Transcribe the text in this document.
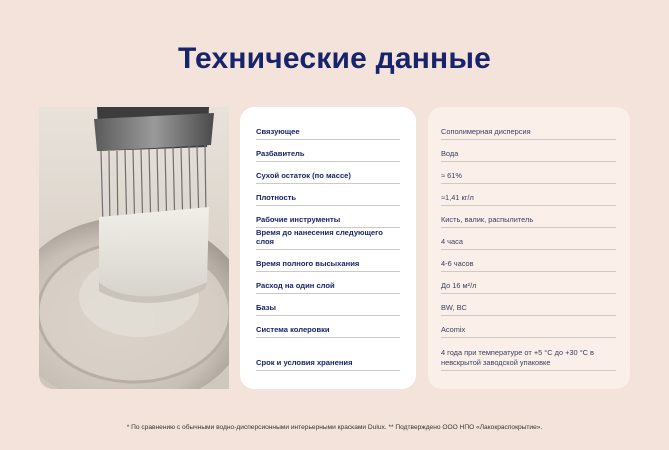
Технические данные
Связующее
Разбавитель
Сухой остаток (по массе)
Плотность
Рабочие инструменты
Время до нанесения следующего слоя
Время полного высыхания
Расход на один слой
Базы
Система колеровки
Срок и условия хранения
Сополимерная дисперсия
Вода
≈ 61%
≈1,41 кг/л
Кисть, валик, распылитель
4 часа
4-6 часов
До 16 м²/л
BW, BC
Acomix
4 года при температуре от +5 °С до +30 °С в невскрытой заводской упаковке
* По сравнению с обычными водно-дисперсионными интерьерными красками Dulux. ** Подтверждено ООО НПО «Лакокраспокрытие».
